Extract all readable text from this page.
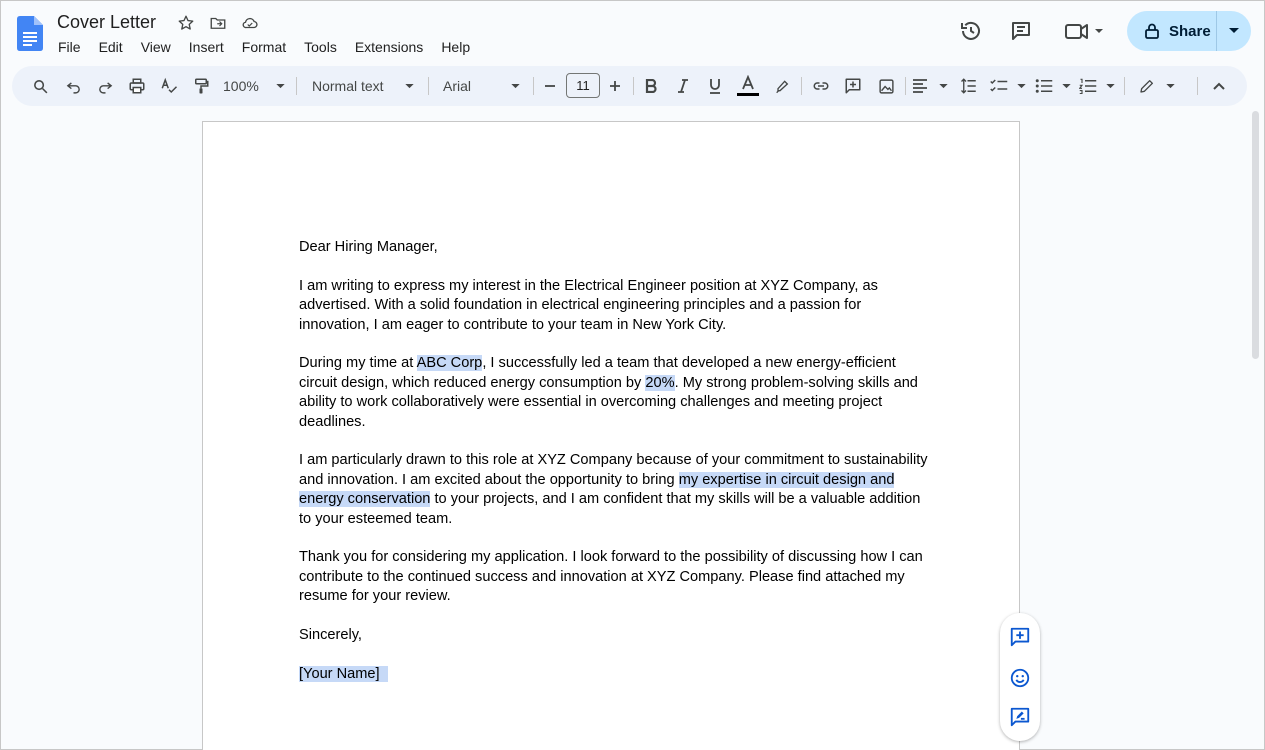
Cover Letter
File	Edit	View	Insert	Format	Tools	Extensions	Help
Share
100%	Normal text	Arial	11
Dear Hiring Manager,
I am writing to express my interest in the Electrical Engineer position at XYZ Company, as advertised. With a solid foundation in electrical engineering principles and a passion for innovation, I am eager to contribute to your team in New York City.
During my time at ABC Corp, I successfully led a team that developed a new energy-efficient circuit design, which reduced energy consumption by 20%. My strong problem-solving skills and ability to work collaboratively were essential in overcoming challenges and meeting project deadlines.
I am particularly drawn to this role at XYZ Company because of your commitment to sustainability and innovation. I am excited about the opportunity to bring my expertise in circuit design and energy conservation to your projects, and I am confident that my skills will be a valuable addition to your esteemed team.
Thank you for considering my application. I look forward to the possibility of discussing how I can contribute to the continued success and innovation at XYZ Company. Please find attached my resume for your review.
Sincerely,
[Your Name]
